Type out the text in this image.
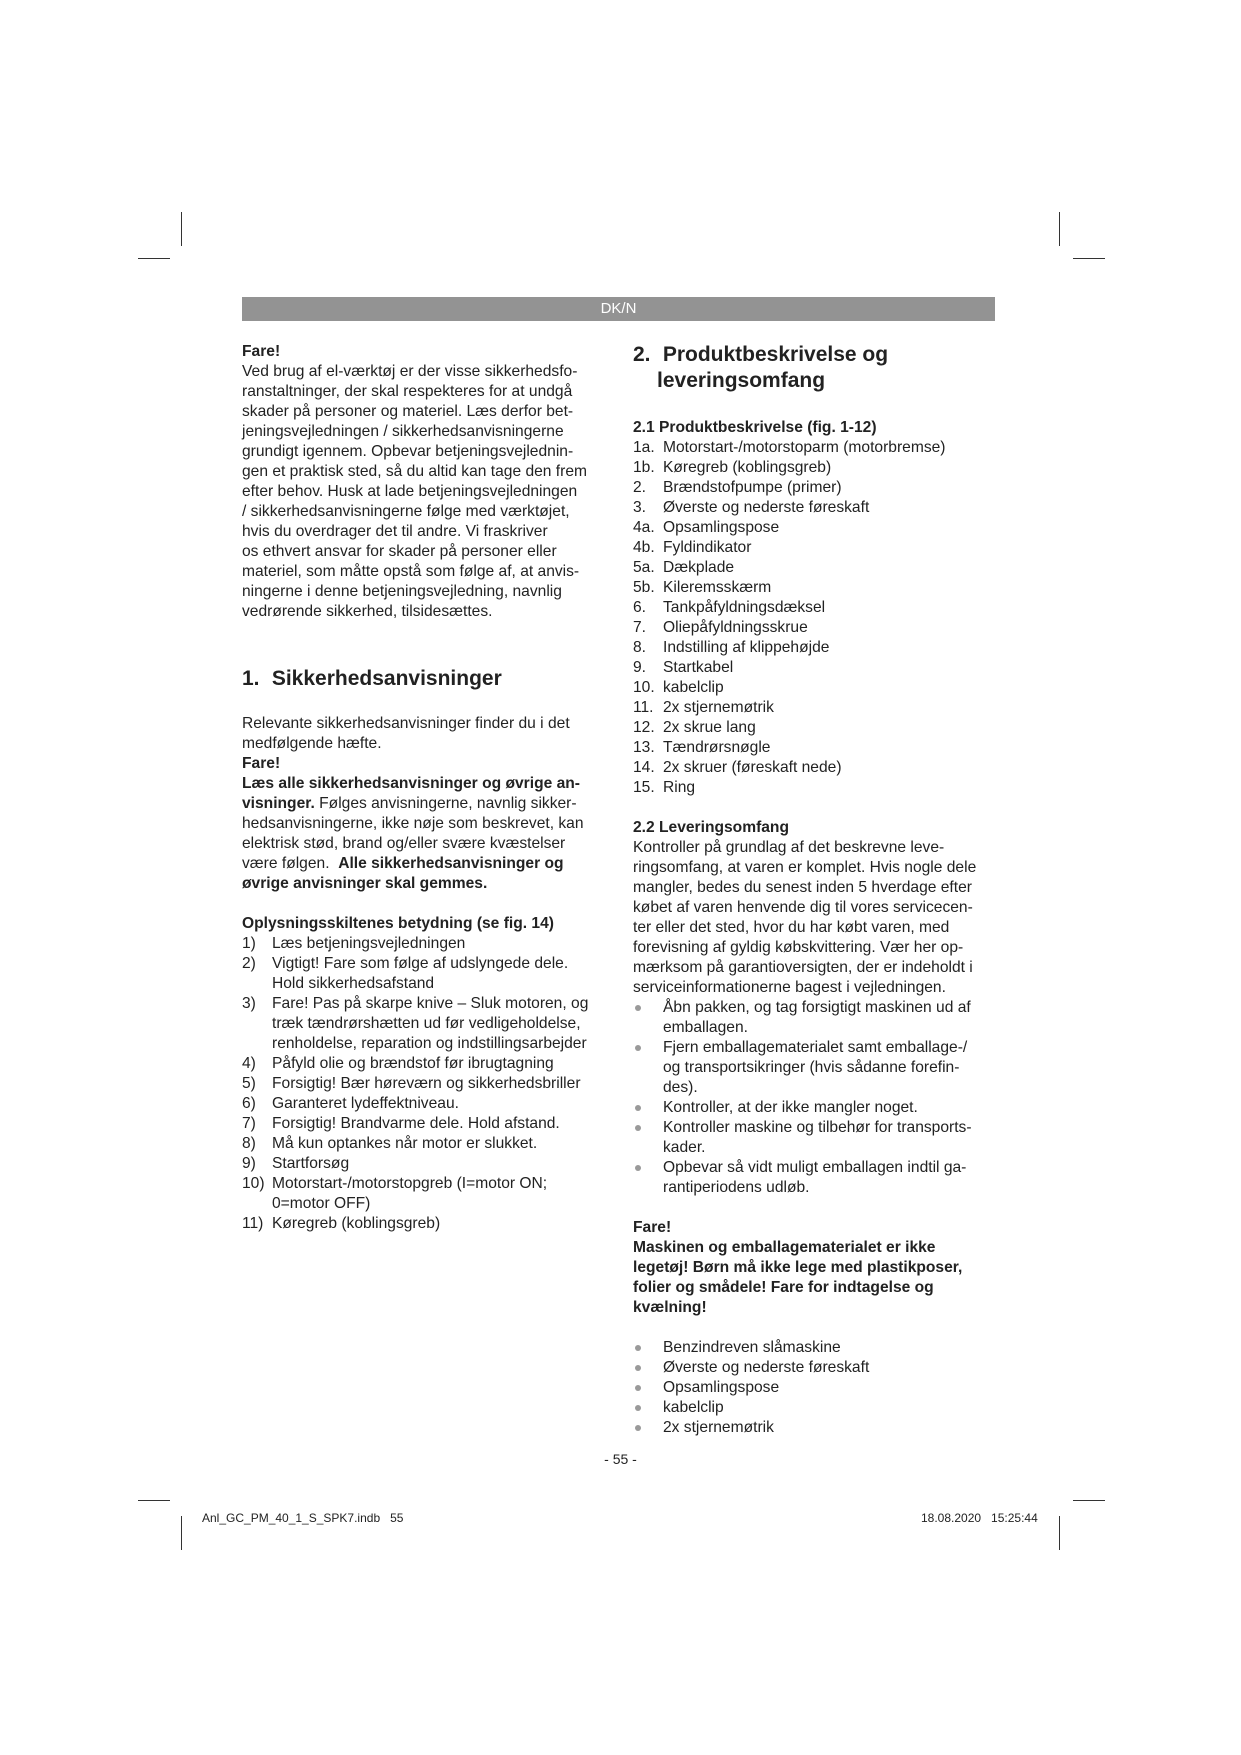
DK/N

Fare!

Ved brug af el-værktøj er der visse sikkerhedsfo-
ranstaltninger, der skal respekteres for at undgå
skader på personer og materiel. Læs derfor bet-
jeningsvejledningen / sikkerhedsanvisningerne
grundigt igennem. Opbevar betjeningsvejlednin-
gen et praktisk sted, så du altid kan tage den frem
efter behov. Husk at lade betjeningsvejledningen
/ sikkerhedsanvisningerne følge med værktøjet,
hvis du overdrager det til andre. Vi fraskriver
os ethvert ansvar for skader på personer eller
materiel, som måtte opstå som følge af, at anvis-
ningerne i denne betjeningsvejledning, navnlig
vedrørende sikkerhed, tilsidesættes.
1. Sikkerhedsanvisninger
Relevante sikkerhedsanvisninger finder du i det
medfølgende hæfte.
Fare!
Læs alle sikkerhedsanvisninger og øvrige an-
visninger. Følges anvisningerne, navnlig sikker-
hedsanvisningerne, ikke nøje som beskrevet, kan
elektrisk stød, brand og/eller svære kvæstelser
være følgen.  Alle sikkerhedsanvisninger og
øvrige anvisninger skal gemmes.
Oplysningsskiltenes betydning (se fig. 14)
1) Læs betjeningsvejledningen
2) Vigtigt! Fare som følge af udslyngede dele.
Hold sikkerhedsafstand
3) Fare! Pas på skarpe knive – Sluk motoren, og
træk tændrørshætten ud før vedligeholdelse,
renholdelse, reparation og indstillingsarbejder
4) Påfyld olie og brændstof før ibrugtagning
5) Forsigtig! Bær høreværn og sikkerhedsbriller
6) Garanteret lydeffektniveau.
7) Forsigtig! Brandvarme dele. Hold afstand.
8) Må kun optankes når motor er slukket.
9) Startforsøg
10) Motorstart-/motorstopgreb (I=motor ON;
0=motor OFF)
11) Køregreb (koblingsgreb)
2. Produktbeskrivelse og
leveringsomfang
2.1 Produktbeskrivelse (fig. 1-12)
1a. Motorstart-/motorstoparm (motorbremse)
1b. Køregreb (koblingsgreb)
2. Brændstofpumpe (primer)
3. Øverste og nederste føreskaft
4a. Opsamlingspose
4b. Fyldindikator
5a. Dækplade
5b. Kileremsskærm
6. Tankpåfyldningsdæksel
7. Oliepåfyldningsskrue
8. Indstilling af klippehøjde
9. Startkabel
10. kabelclip
11. 2x stjernemøtrik
12. 2x skrue lang
13. Tændrørsnøgle
14. 2x skruer (føreskaft nede)
15. Ring
2.2 Leveringsomfang
Kontroller på grundlag af det beskrevne leve-
ringsomfang, at varen er komplet. Hvis nogle dele
mangler, bedes du senest inden 5 hverdage efter
købet af varen henvende dig til vores servicecen-
ter eller det sted, hvor du har købt varen, med
forevisning af gyldig købskvittering. Vær her op-
mærksom på garantioversigten, der er indeholdt i
serviceinformationerne bagest i vejledningen.
Åbn pakken, og tag forsigtigt maskinen ud af
emballagen.
Fjern emballagematerialet samt emballage-/
og transportsikringer (hvis sådanne forefin-
des).
Kontroller, at der ikke mangler noget.
Kontroller maskine og tilbehør for transports-
kader.
Opbevar så vidt muligt emballagen indtil ga-
rantiperiodens udløb.

Fare!

Maskinen og emballagematerialet er ikke
legetøj! Børn må ikke lege med plastikposer,
folier og smådele! Fare for indtagelse og
kvælning!
Benzindreven slåmaskine
Øverste og nederste føreskaft
Opsamlingspose
kabelclip
2x stjernemøtrik
- 55 -
Anl_GC_PM_40_1_S_SPK7.indb   55	18.08.2020   15:25:44
